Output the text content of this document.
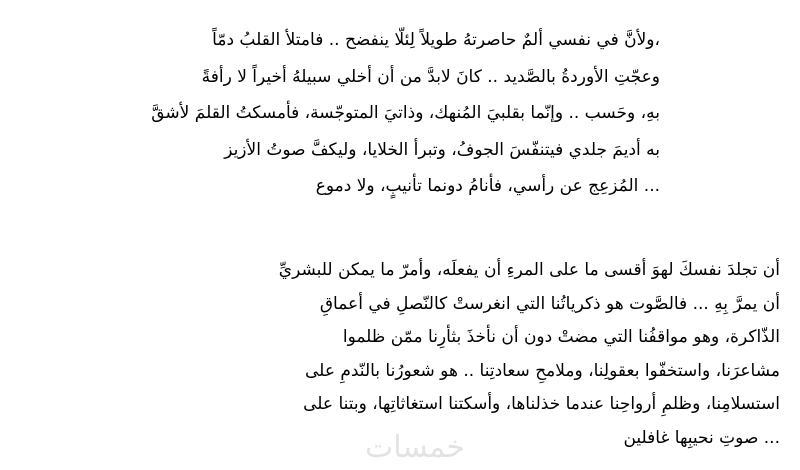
خمسات
،ولأنَّ في نفسي ألمٌ حاصرتهُ طويلاً لِئلّا ينفضح .. فامتلأ القلبُ دمّاً
وعجّتِ الأوردةُ بالصَّديد .. كانَ لابدَّ من أن أخلي سبيلهُ أخيراً لا رأفةً
بهِ، وحَسب .. وإنّما بقلبيَ المُنهك، وذاتيَ المتوجّسة، فأمسكتُ القلمَ لأشقَّ
به أديمَ جلدي فيتنفّسَ الجوفُ، وتبرأ الخلايا، وليكفَّ صوتُ الأزيز
... المُزعِج عن رأسي، فأنامُ دونما تأنيبٍ، ولا دموع
أن تجلدَ نفسكَ لهوَ أقسى ما على المرءِ أن يفعلَه، وأمرّ ما يمكن للبشريِّ
أن يمرَّ بِهِ ... فالصَّوت هو ذكرياتُنا التي انغرستْ كالنّصلِ في أعماقِ
الذّاكرة، وهو مواقفُنا التي مضتْ دون أن نأخذَ بثأرِنا ممّن ظلموا
مشاعرَنا، واستخفّوا بعقولِنا، وملامحِ سعادتِنا .. هو شعورُنا بالنّدمِ على
استسلامِنا، وظلمِ أرواحِنا عندما خذلناها، وأسكتنا استغاثاتِها، وبتنا على
... صوتِ نحيبِها غافلين
